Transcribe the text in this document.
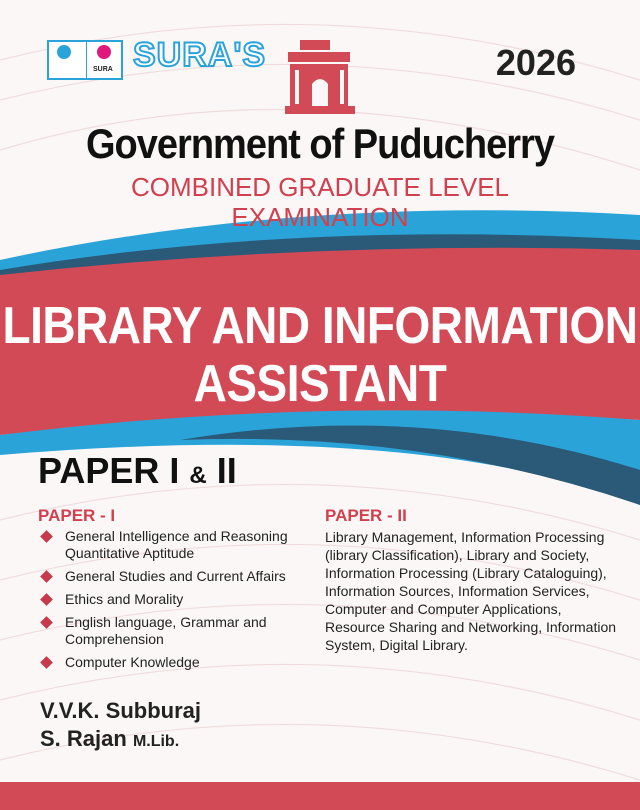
SURA SURA'S	2026
Government of Puducherry
COMBINED GRADUATE LEVEL
EXAMINATION
LIBRARY AND INFORMATION
ASSISTANT
PAPER I & II
PAPER - I
General Intelligence and Reasoning Quantitative Aptitude
General Studies and Current Affairs
Ethics and Morality
English language, Grammar and Comprehension
Computer Knowledge
PAPER - II
Library Management, Information Processing (library Classification), Library and Society, Information Processing (Library Cataloguing), Information Sources, Information Services, Computer and Computer Applications, Resource Sharing and Networking, Information System, Digital Library.
V.V.K. Subburaj
S. Rajan M.Lib.
